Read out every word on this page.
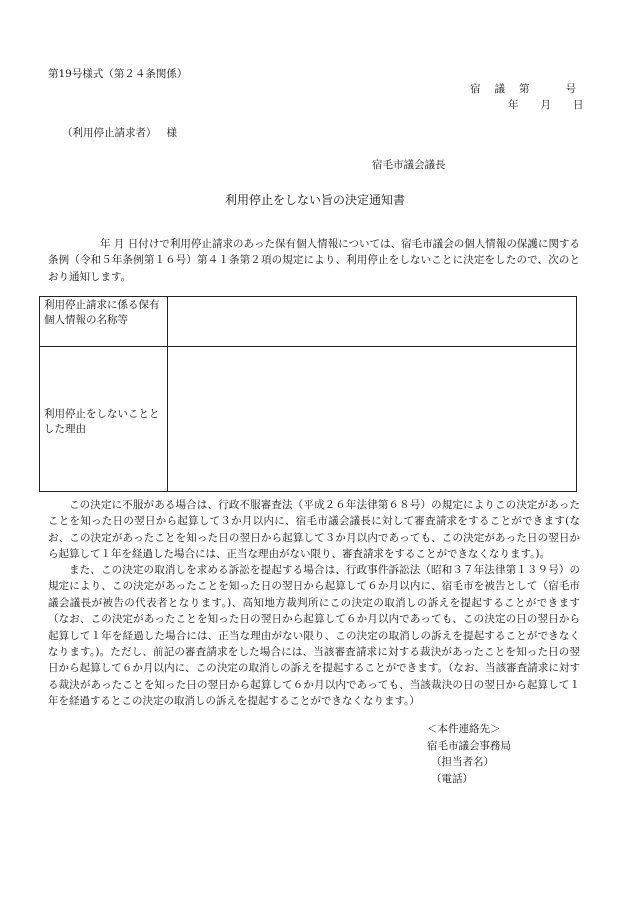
第19号様式（第２４条関係）
宿 議 第	号
年 月 日
（利用停止請求者） 様
宿毛市議会議長
利用停止をしない旨の決定通知書
年 月 日付けで利用停止請求のあった保有個人情報については、宿毛市議会の個人情報の保護に関する条例（令和５年条例第１６号）第４１条第２項の規定により、利用停止をしないことに決定をしたので、次のとおり通知します。
利用停止請求に係る保有個人情報の名称等
利用停止をしないこととした理由
この決定に不服がある場合は、行政不服審査法（平成２６年法律第６８号）の規定によりこの決定があったことを知った日の翌日から起算して３か月以内に、宿毛市議会議長に対して審査請求をすることができます(なお、この決定があったことを知った日の翌日から起算して３か月以内であっても、この決定があった日の翌日から起算して１年を経過した場合には、正当な理由がない限り、審査請求をすることができなくなります。)。
また、この決定の取消しを求める訴訟を提起する場合は、行政事件訴訟法（昭和３７年法律第１３９号）の規定により、この決定があったことを知った日の翌日から起算して６か月以内に、宿毛市を被告として（宿毛市議会議長が被告の代表者となります。)、高知地方裁判所にこの決定の取消しの訴えを提起することができます（なお、この決定があったことを知った日の翌日から起算して６か月以内であっても、この決定の日の翌日から起算して１年を経過した場合には、正当な理由がない限り、この決定の取消しの訴えを提起することができなくなります。)。ただし、前記の審査請求をした場合には、当該審査請求に対する裁決があったことを知った日の翌日から起算して６か月以内に、この決定の取消しの訴えを提起することができます。（なお、当該審査請求に対する裁決があったことを知った日の翌日から起算して６か月以内であっても、当該裁決の日の翌日から起算して１年を経過するとこの決定の取消しの訴えを提起することができなくなります。）
＜本件連絡先＞
宿毛市議会事務局
（担当者名）
（電話）
